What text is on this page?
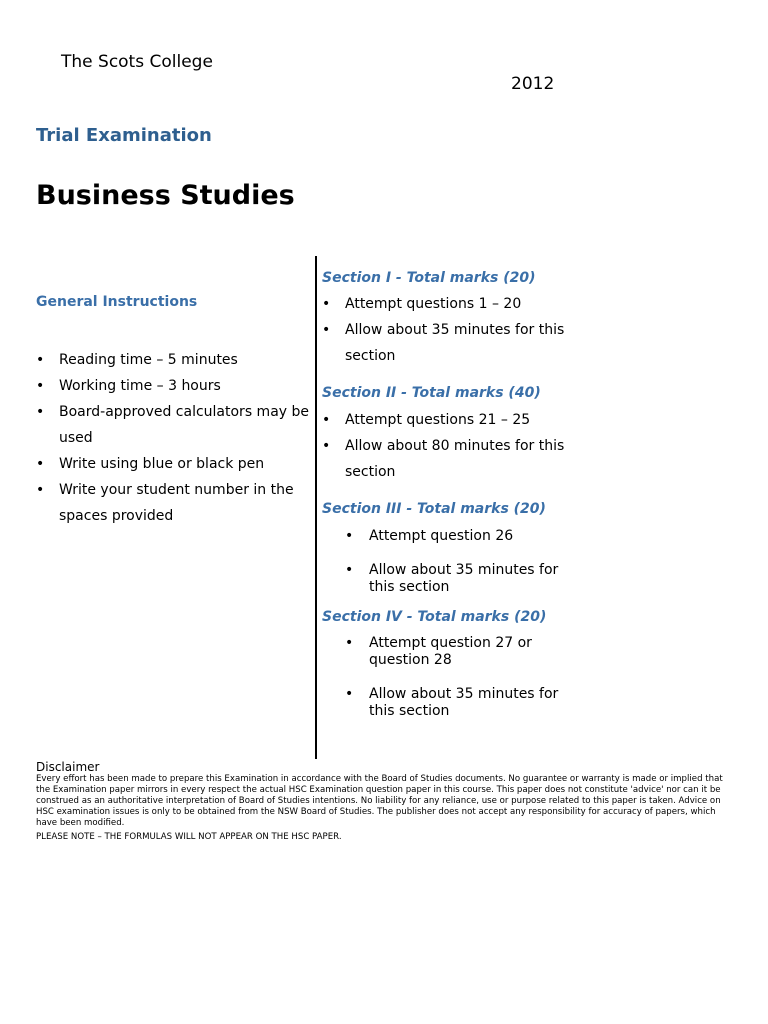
The Scots College
2012
Trial Examination
Business Studies
General Instructions
• Reading time – 5 minutes
• Working time – 3 hours
• Board-approved calculators may be used
• Write using blue or black pen
• Write your student number in the spaces provided
Section I - Total marks (20)
• Attempt questions 1 – 20
• Allow about 35 minutes for this section
Section II - Total marks (40)
• Attempt questions 21 – 25
• Allow about 80 minutes for this section
Section III - Total marks (20)
• Attempt question 26
• Allow about 35 minutes for this section
Section IV - Total marks (20)
• Attempt question 27 or question 28
• Allow about 35 minutes for this section
Disclaimer

Every effort has been made to prepare this Examination in accordance with the Board of Studies documents. No guarantee or warranty is made or implied that the Examination paper mirrors in every respect the actual HSC Examination question paper in this course. This paper does not constitute 'advice' nor can it be construed as an authoritative interpretation of Board of Studies intentions. No liability for any reliance, use or purpose related to this paper is taken. Advice on HSC examination issues is only to be obtained from the NSW Board of Studies. The publisher does not accept any responsibility for accuracy of papers, which have been modified.

PLEASE NOTE – THE FORMULAS WILL NOT APPEAR ON THE HSC PAPER.
